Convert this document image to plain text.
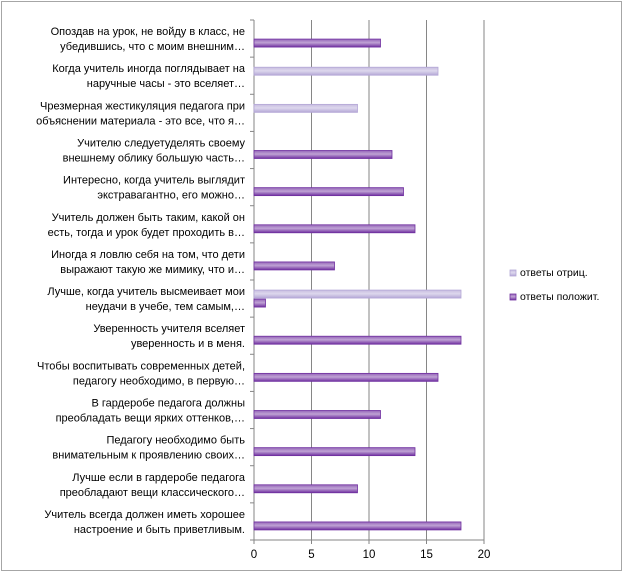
0	5	10	15	20
Опоздав на урок, не войду в класс, не
убедившись, что с моим внешним…
Когда учитель иногда поглядывает на
наручные часы - это вселяет…
Чрезмерная жестикуляция педагога при
объяснении материала - это все, что я…
Учителю следуетуделять своему
внешнему облику большую часть…
Интересно, когда учитель выглядит
экстравагантно, его можно…
Учитель должен быть таким, какой он
есть, тогда и урок будет проходить в…
Иногда я ловлю себя на том, что дети
выражают такую же мимику, что и…
Лучше, когда учитель высмеивает мои
неудачи в учебе, тем самым,…
Уверенность учителя вселяет
уверенность и в меня.
Чтобы воспитывать современных детей,
педагогу необходимо, в первую…
В гардеробе педагога должны
преобладать вещи ярких оттенков,…
Педагогу необходимо быть
внимательным к проявлению своих…
Лучше если в гардеробе педагога
преобладают вещи классического…
Учитель всегда должен иметь хорошее
настроение и быть приветливым.
ответы отриц.
ответы положит.
